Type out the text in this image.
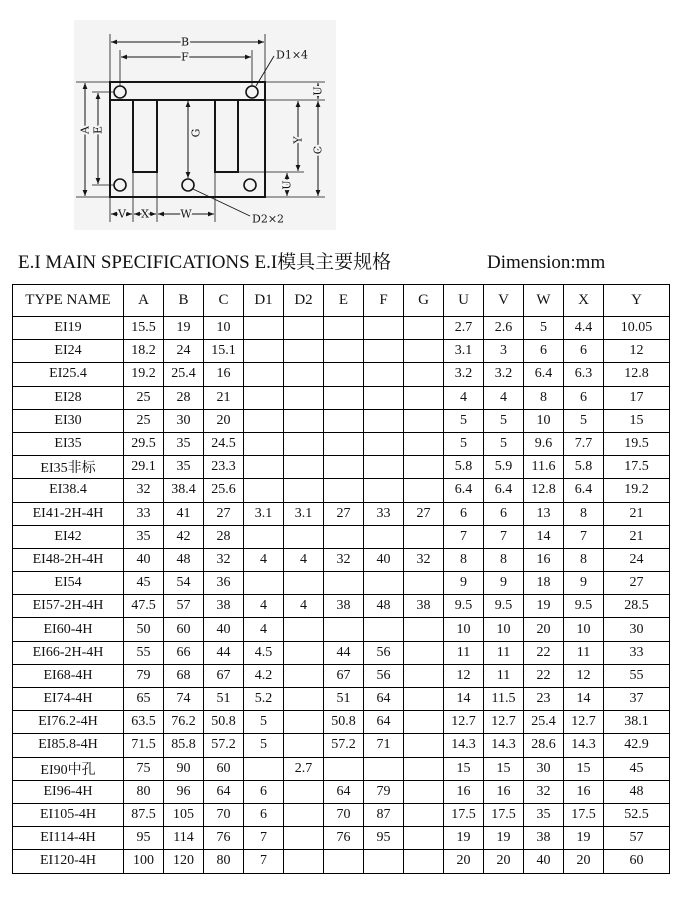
B
F	D1×4
A E	G
Y
C
U
U
V X	W	D2×2
E.I MAIN SPECIFICATIONS E.I模具主要规格	Dimension:mm
TYPE NAME	A	B	C	D1	D2	E	F	G	U	V	W	X	Y
EI19	15.5	19	10						2.7	2.6	5	4.4	10.05
EI24	18.2	24	15.1						3.1	3	6	6	12
EI25.4	19.2	25.4	16						3.2	3.2	6.4	6.3	12.8
EI28	25	28	21						4	4	8	6	17
EI30	25	30	20						5	5	10	5	15
EI35	29.5	35	24.5						5	5	9.6	7.7	19.5
EI35非标	29.1	35	23.3						5.8	5.9	11.6	5.8	17.5
EI38.4	32	38.4	25.6						6.4	6.4	12.8	6.4	19.2
EI41-2H-4H	33	41	27	3.1	3.1	27	33	27	6	6	13	8	21
EI42	35	42	28						7	7	14	7	21
EI48-2H-4H	40	48	32	4	4	32	40	32	8	8	16	8	24
EI54	45	54	36						9	9	18	9	27
EI57-2H-4H	47.5	57	38	4	4	38	48	38	9.5	9.5	19	9.5	28.5
EI60-4H	50	60	40	4					10	10	20	10	30
EI66-2H-4H	55	66	44	4.5		44	56		11	11	22	11	33
EI68-4H	79	68	67	4.2		67	56		12	11	22	12	55
EI74-4H	65	74	51	5.2		51	64		14	11.5	23	14	37
EI76.2-4H	63.5	76.2	50.8	5		50.8	64		12.7	12.7	25.4	12.7	38.1
EI85.8-4H	71.5	85.8	57.2	5		57.2	71		14.3	14.3	28.6	14.3	42.9
EI90中孔	75	90	60		2.7				15	15	30	15	45
EI96-4H	80	96	64	6		64	79		16	16	32	16	48
EI105-4H	87.5	105	70	6		70	87		17.5	17.5	35	17.5	52.5
EI114-4H	95	114	76	7		76	95		19	19	38	19	57
EI120-4H	100	120	80	7					20	20	40	20	60
